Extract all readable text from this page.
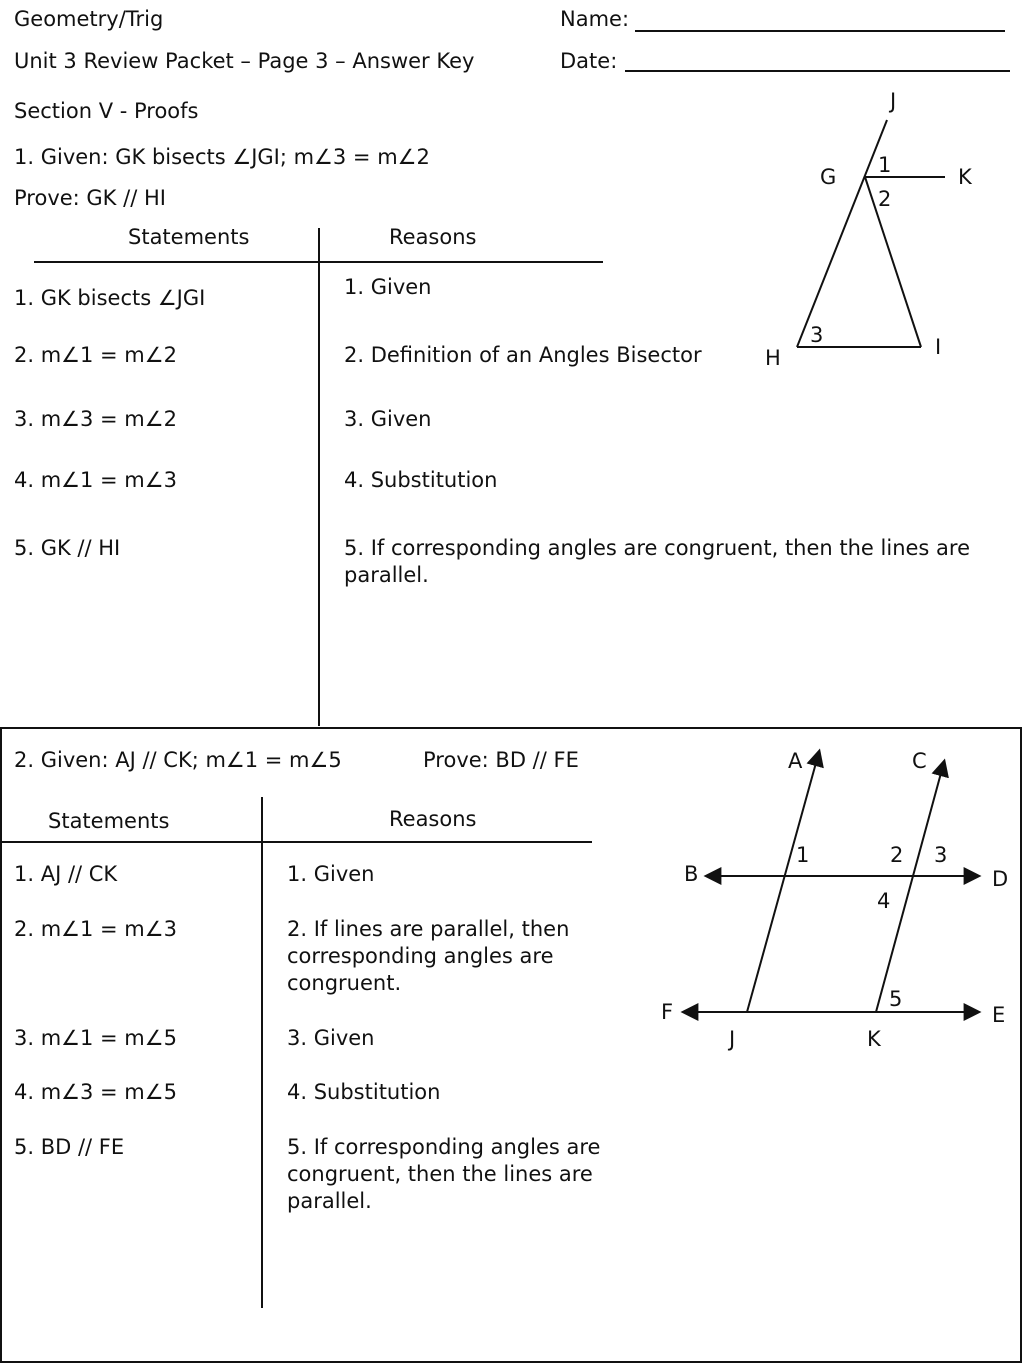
Geometry/Trig
Unit 3 Review Packet – Page 3 – Answer Key
Name:
Date:
Section V - Proofs
1. Given: GK bisects ∠JGI; m∠3 = m∠2
Prove: GK // HI
Statements	Reasons
1. GK bisects ∠JGI	1. Given
2. m∠1 = m∠2	2. Definition of an Angles Bisector
3. m∠3 = m∠2	3. Given
4. m∠1 = m∠3	4. Substitution
5. GK // HI	5. If corresponding angles are congruent, then the lines are parallel.
J
G	K
1
2
3
H	I
2. Given: AJ // CK; m∠1 = m∠5	Prove: BD // FE
Statements	Reasons
1. AJ // CK	1. Given
2. m∠1 = m∠3	2. If lines are parallel, then corresponding angles are congruent.
3. m∠1 = m∠5	3. Given
4. m∠3 = m∠5	4. Substitution
5. BD // FE	5. If corresponding angles are congruent, then the lines are parallel.
A	C
1	2 3
B	D
4
5
F	E
J	K
